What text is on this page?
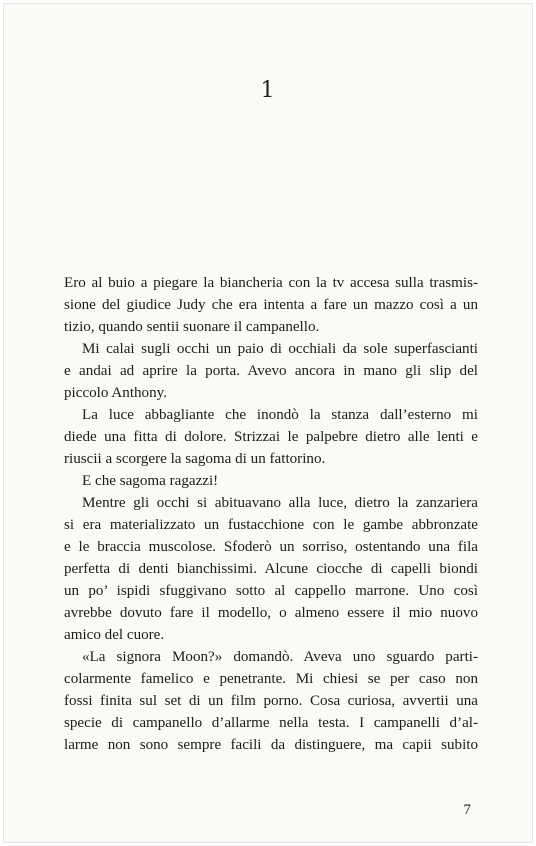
1

Ero al buio a piegare la biancheria con la tv accesa sulla trasmis-
sione del giudice Judy che era intenta a fare un mazzo così a un
tizio, quando sentii suonare il campanello.

Mi calai sugli occhi un paio di occhiali da sole superfascianti
e andai ad aprire la porta. Avevo ancora in mano gli slip del
piccolo Anthony.

La luce abbagliante che inondò la stanza dall’esterno mi
diede una fitta di dolore. Strizzai le palpebre dietro alle lenti e
riuscii a scorgere la sagoma di un fattorino.

E che sagoma ragazzi!

Mentre gli occhi si abituavano alla luce, dietro la zanzariera
si era materializzato un fustacchione con le gambe abbronzate
e le braccia muscolose. Sfoderò un sorriso, ostentando una fila
perfetta di denti bianchissimi. Alcune ciocche di capelli biondi
un po’ ispidi sfuggivano sotto al cappello marrone. Uno così
avrebbe dovuto fare il modello, o almeno essere il mio nuovo
amico del cuore.

«La signora Moon?» domandò. Aveva uno sguardo parti-
colarmente famelico e penetrante. Mi chiesi se per caso non
fossi finita sul set di un film porno. Cosa curiosa, avvertii una
specie di campanello d’allarme nella testa. I campanelli d’al-
larme non sono sempre facili da distinguere, ma capii subito

7
